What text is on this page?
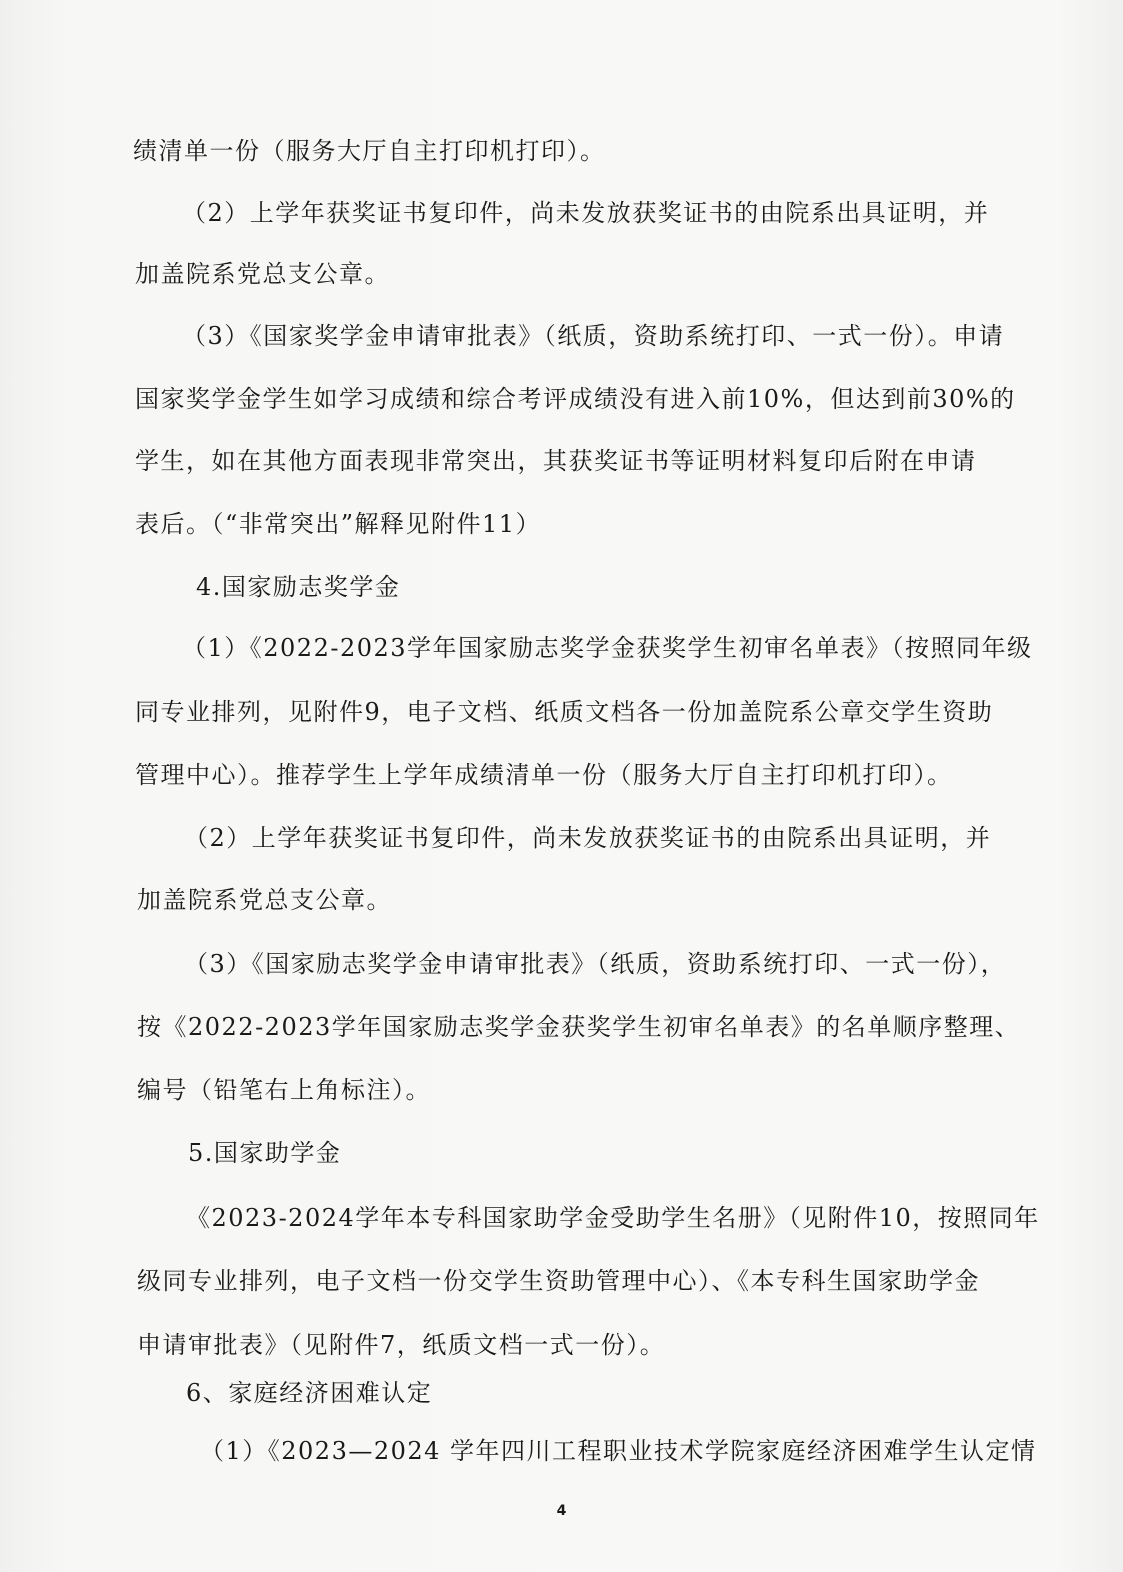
绩清单一份（服务大厅自主打印机打印）。
（2）上学年获奖证书复印件，尚未发放获奖证书的由院系出具证明，并
加盖院系党总支公章。
（3）《国家奖学金申请审批表》（纸质，资助系统打印、一式一份）。申请
国家奖学金学生如学习成绩和综合考评成绩没有进入前10%，但达到前30%的
学生，如在其他方面表现非常突出，其获奖证书等证明材料复印后附在申请
表后。（“非常突出”解释见附件11）
4.国家励志奖学金
（1）《2022-2023学年国家励志奖学金获奖学生初审名单表》（按照同年级
同专业排列，见附件9，电子文档、纸质文档各一份加盖院系公章交学生资助
管理中心）。推荐学生上学年成绩清单一份（服务大厅自主打印机打印）。
（2）上学年获奖证书复印件，尚未发放获奖证书的由院系出具证明，并
加盖院系党总支公章。
（3）《国家励志奖学金申请审批表》（纸质，资助系统打印、一式一份），
按《2022-2023学年国家励志奖学金获奖学生初审名单表》的名单顺序整理、
编号（铅笔右上角标注）。
5.国家助学金
《2023-2024学年本专科国家助学金受助学生名册》（见附件10，按照同年
级同专业排列，电子文档一份交学生资助管理中心）、《本专科生国家助学金
申请审批表》（见附件7，纸质文档一式一份）。
6、家庭经济困难认定
（1）《2023—2024 学年四川工程职业技术学院家庭经济困难学生认定情
4
